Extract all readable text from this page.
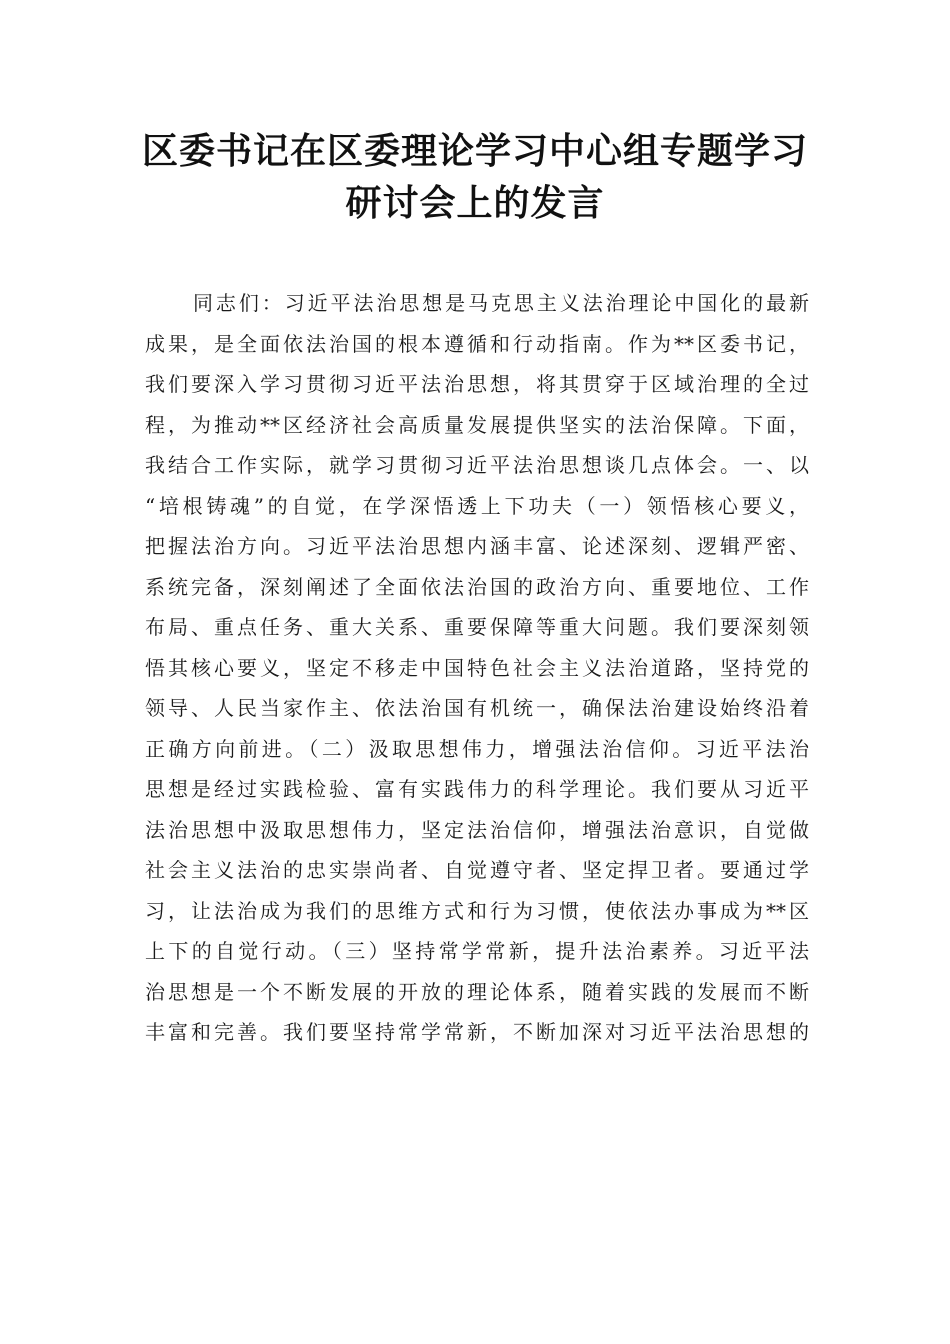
区委书记在区委理论学习中心组专题学习
研讨会上的发言
同志们：习近平法治思想是马克思主义法治理论中国化的最新
成果，是全面依法治国的根本遵循和行动指南。作为**区委书记，
我们要深入学习贯彻习近平法治思想，将其贯穿于区域治理的全过
程，为推动**区经济社会高质量发展提供坚实的法治保障。下面，
我结合工作实际，就学习贯彻习近平法治思想谈几点体会。一、以
“培根铸魂”的自觉，在学深悟透上下功夫（一）领悟核心要义，
把握法治方向。习近平法治思想内涵丰富、论述深刻、逻辑严密、
系统完备，深刻阐述了全面依法治国的政治方向、重要地位、工作
布局、重点任务、重大关系、重要保障等重大问题。我们要深刻领
悟其核心要义，坚定不移走中国特色社会主义法治道路，坚持党的
领导、人民当家作主、依法治国有机统一，确保法治建设始终沿着
正确方向前进。（二）汲取思想伟力，增强法治信仰。习近平法治
思想是经过实践检验、富有实践伟力的科学理论。我们要从习近平
法治思想中汲取思想伟力，坚定法治信仰，增强法治意识，自觉做
社会主义法治的忠实崇尚者、自觉遵守者、坚定捍卫者。要通过学
习，让法治成为我们的思维方式和行为习惯，使依法办事成为**区
上下的自觉行动。（三）坚持常学常新，提升法治素养。习近平法
治思想是一个不断发展的开放的理论体系，随着实践的发展而不断
丰富和完善。我们要坚持常学常新，不断加深对习近平法治思想的
